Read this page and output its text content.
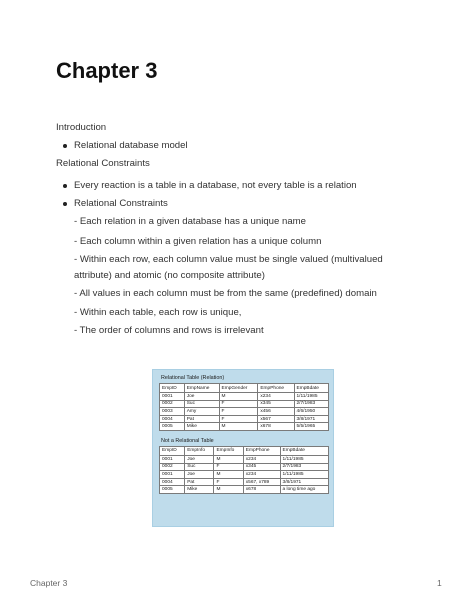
Chapter 3
Introduction
Relational database model
Relational Constraints
Every reaction is a table in a database, not every table is a relation
Relational Constraints
- Each relation in a given database has a unique name
- Each column within a given relation has a unique column
- Within each row, each column value must be single valued (multivalued attribute) and atomic (no composite attribute)
- All values in each column must be from the same (predefined) domain
- Within each table, each row is unique,
- The order of columns and rows is irrelevant
Relational Table (Relation)
EmpID	EmpName	EmpGender	EmpPhone	EmpBdate
0001	Joe	M	x234	1/11/1985
0002	Suc	F	x345	2/7/1983
0003	Amy	F	x456	4/6/1950
0004	Pat	F	x567	3/8/1971
0005	Mike	M	x678	5/5/1965
Not a Relational Table
EmpID	EmpInfo	EmpInfo	EmpPhone	EmpBdate
0001	Joe	M	x234	1/11/1985
0002	Suc	F	x345	2/7/1983
0001	Joe	M	x234	1/11/1985
0004	Pat	F	x567, x789	3/8/1971
0005	Mike	M	x678	a long time ago
Chapter 3	1
